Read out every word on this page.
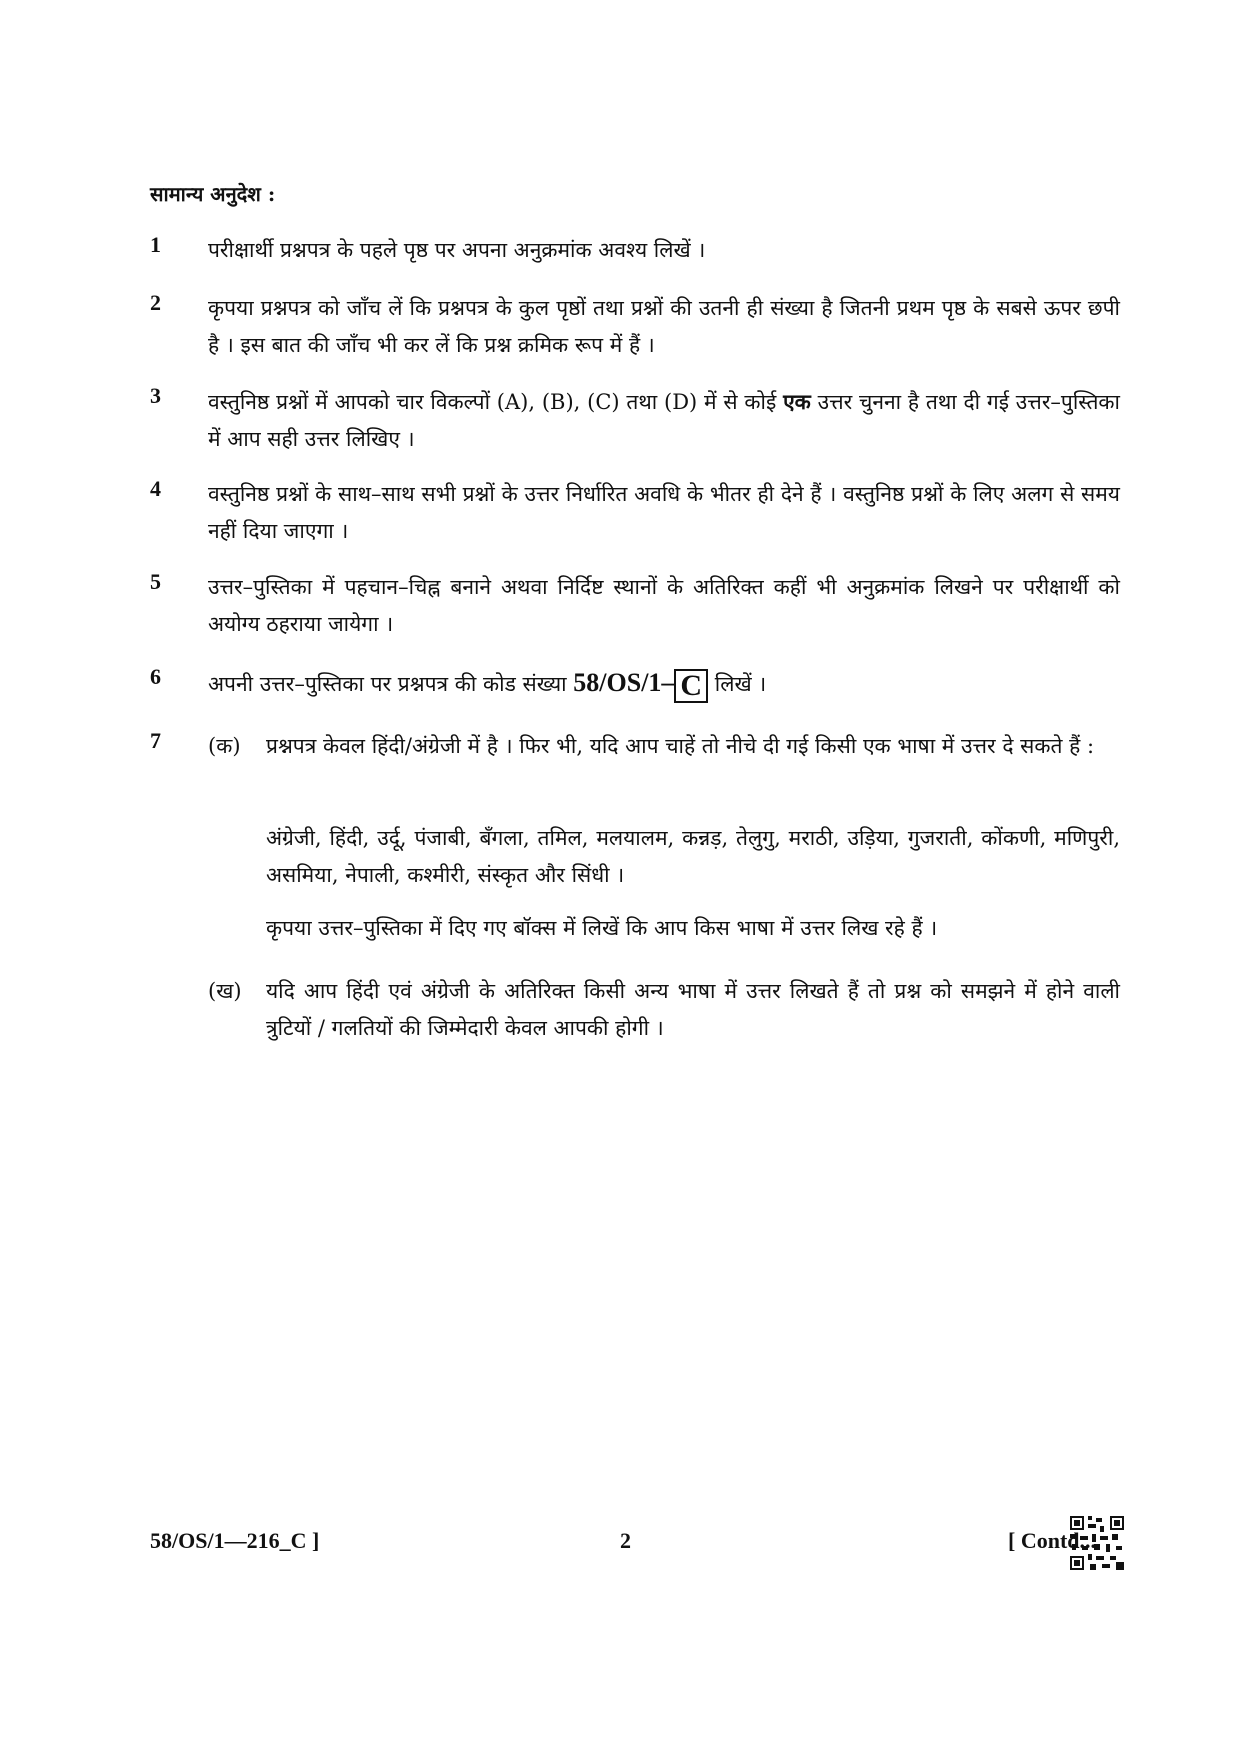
सामान्य अनुदेश :
1 परीक्षार्थी प्रश्नपत्र के पहले पृष्ठ पर अपना अनुक्रमांक अवश्य लिखें ।
2 कृपया प्रश्नपत्र को जाँच लें कि प्रश्नपत्र के कुल पृष्ठों तथा प्रश्नों की उतनी ही संख्या है जितनी प्रथम पृष्ठ के सबसे ऊपर छपी है । इस बात की जाँच भी कर लें कि प्रश्न क्रमिक रूप में हैं ।
3 वस्तुनिष्ठ प्रश्नों में आपको चार विकल्पों (A), (B), (C) तथा (D) में से कोई एक उत्तर चुनना है तथा दी गई उत्तर–पुस्तिका में आप सही उत्तर लिखिए ।
4 वस्तुनिष्ठ प्रश्नों के साथ–साथ सभी प्रश्नों के उत्तर निर्धारित अवधि के भीतर ही देने हैं । वस्तुनिष्ठ प्रश्नों के लिए अलग से समय नहीं दिया जाएगा ।
5 उत्तर–पुस्तिका में पहचान–चिह्न बनाने अथवा निर्दिष्ट स्थानों के अतिरिक्त कहीं भी अनुक्रमांक लिखने पर परीक्षार्थी को अयोग्य ठहराया जायेगा ।
6 अपनी उत्तर–पुस्तिका पर प्रश्नपत्र की कोड संख्या 58/OS/1– C लिखें ।
7 (क) प्रश्नपत्र केवल हिंदी/अंग्रेजी में है । फिर भी, यदि आप चाहें तो नीचे दी गई किसी एक भाषा में उत्तर दे सकते हैं :
अंग्रेजी, हिंदी, उर्दू, पंजाबी, बँगला, तमिल, मलयालम, कन्नड़, तेलुगु, मराठी, उड़िया, गुजराती, कोंकणी, मणिपुरी, असमिया, नेपाली, कश्मीरी, संस्कृत और सिंधी ।
कृपया उत्तर–पुस्तिका में दिए गए बॉक्स में लिखें कि आप किस भाषा में उत्तर लिख रहे हैं ।
(ख) यदि आप हिंदी एवं अंग्रेजी के अतिरिक्त किसी अन्य भाषा में उत्तर लिखते हैं तो प्रश्न को समझने में होने वाली त्रुटियों / गलतियों की जिम्मेदारी केवल आपकी होगी ।
58/OS/1—216_C ]	2	[ Contd...
